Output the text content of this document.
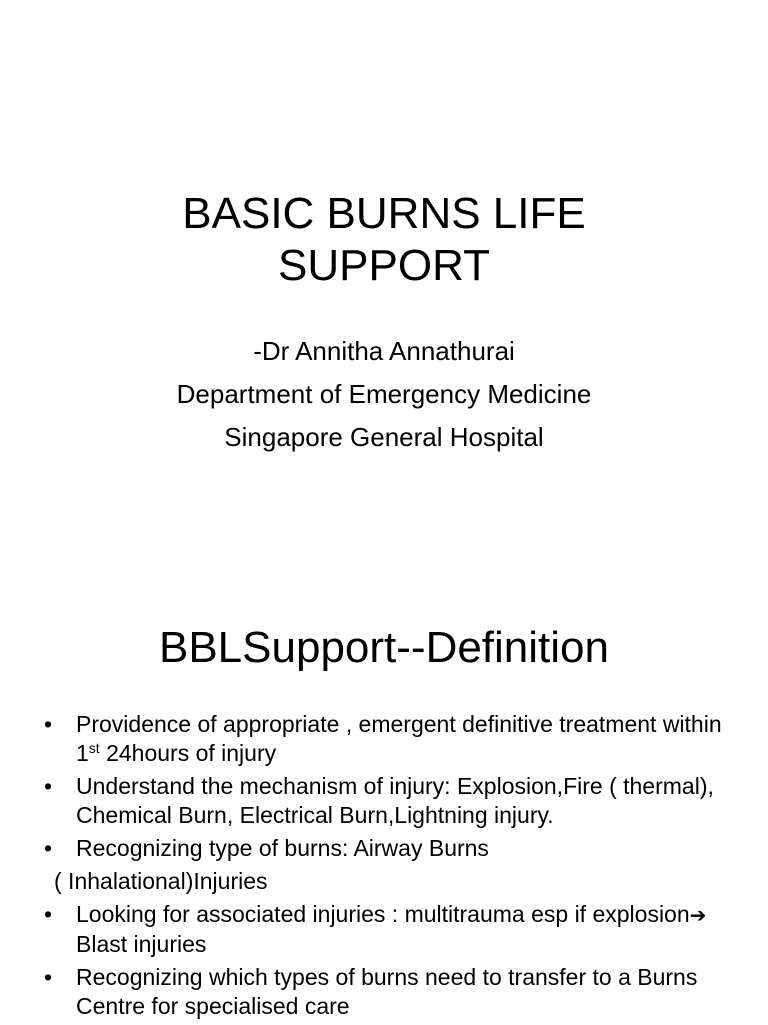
BASIC BURNS LIFE
SUPPORT
-Dr Annitha Annathurai
Department of Emergency Medicine
Singapore General Hospital
BBLSupport--Definition
• Providence of appropriate , emergent definitive treatment within 1st 24hours of injury
• Understand the mechanism of injury: Explosion,Fire ( thermal), Chemical Burn, Electrical Burn,Lightning injury.
• Recognizing type of burns: Airway Burns
( Inhalational)Injuries
• Looking for associated injuries : multitrauma esp if explosion➔ Blast injuries
• Recognizing which types of burns need to transfer to a Burns Centre for specialised care
